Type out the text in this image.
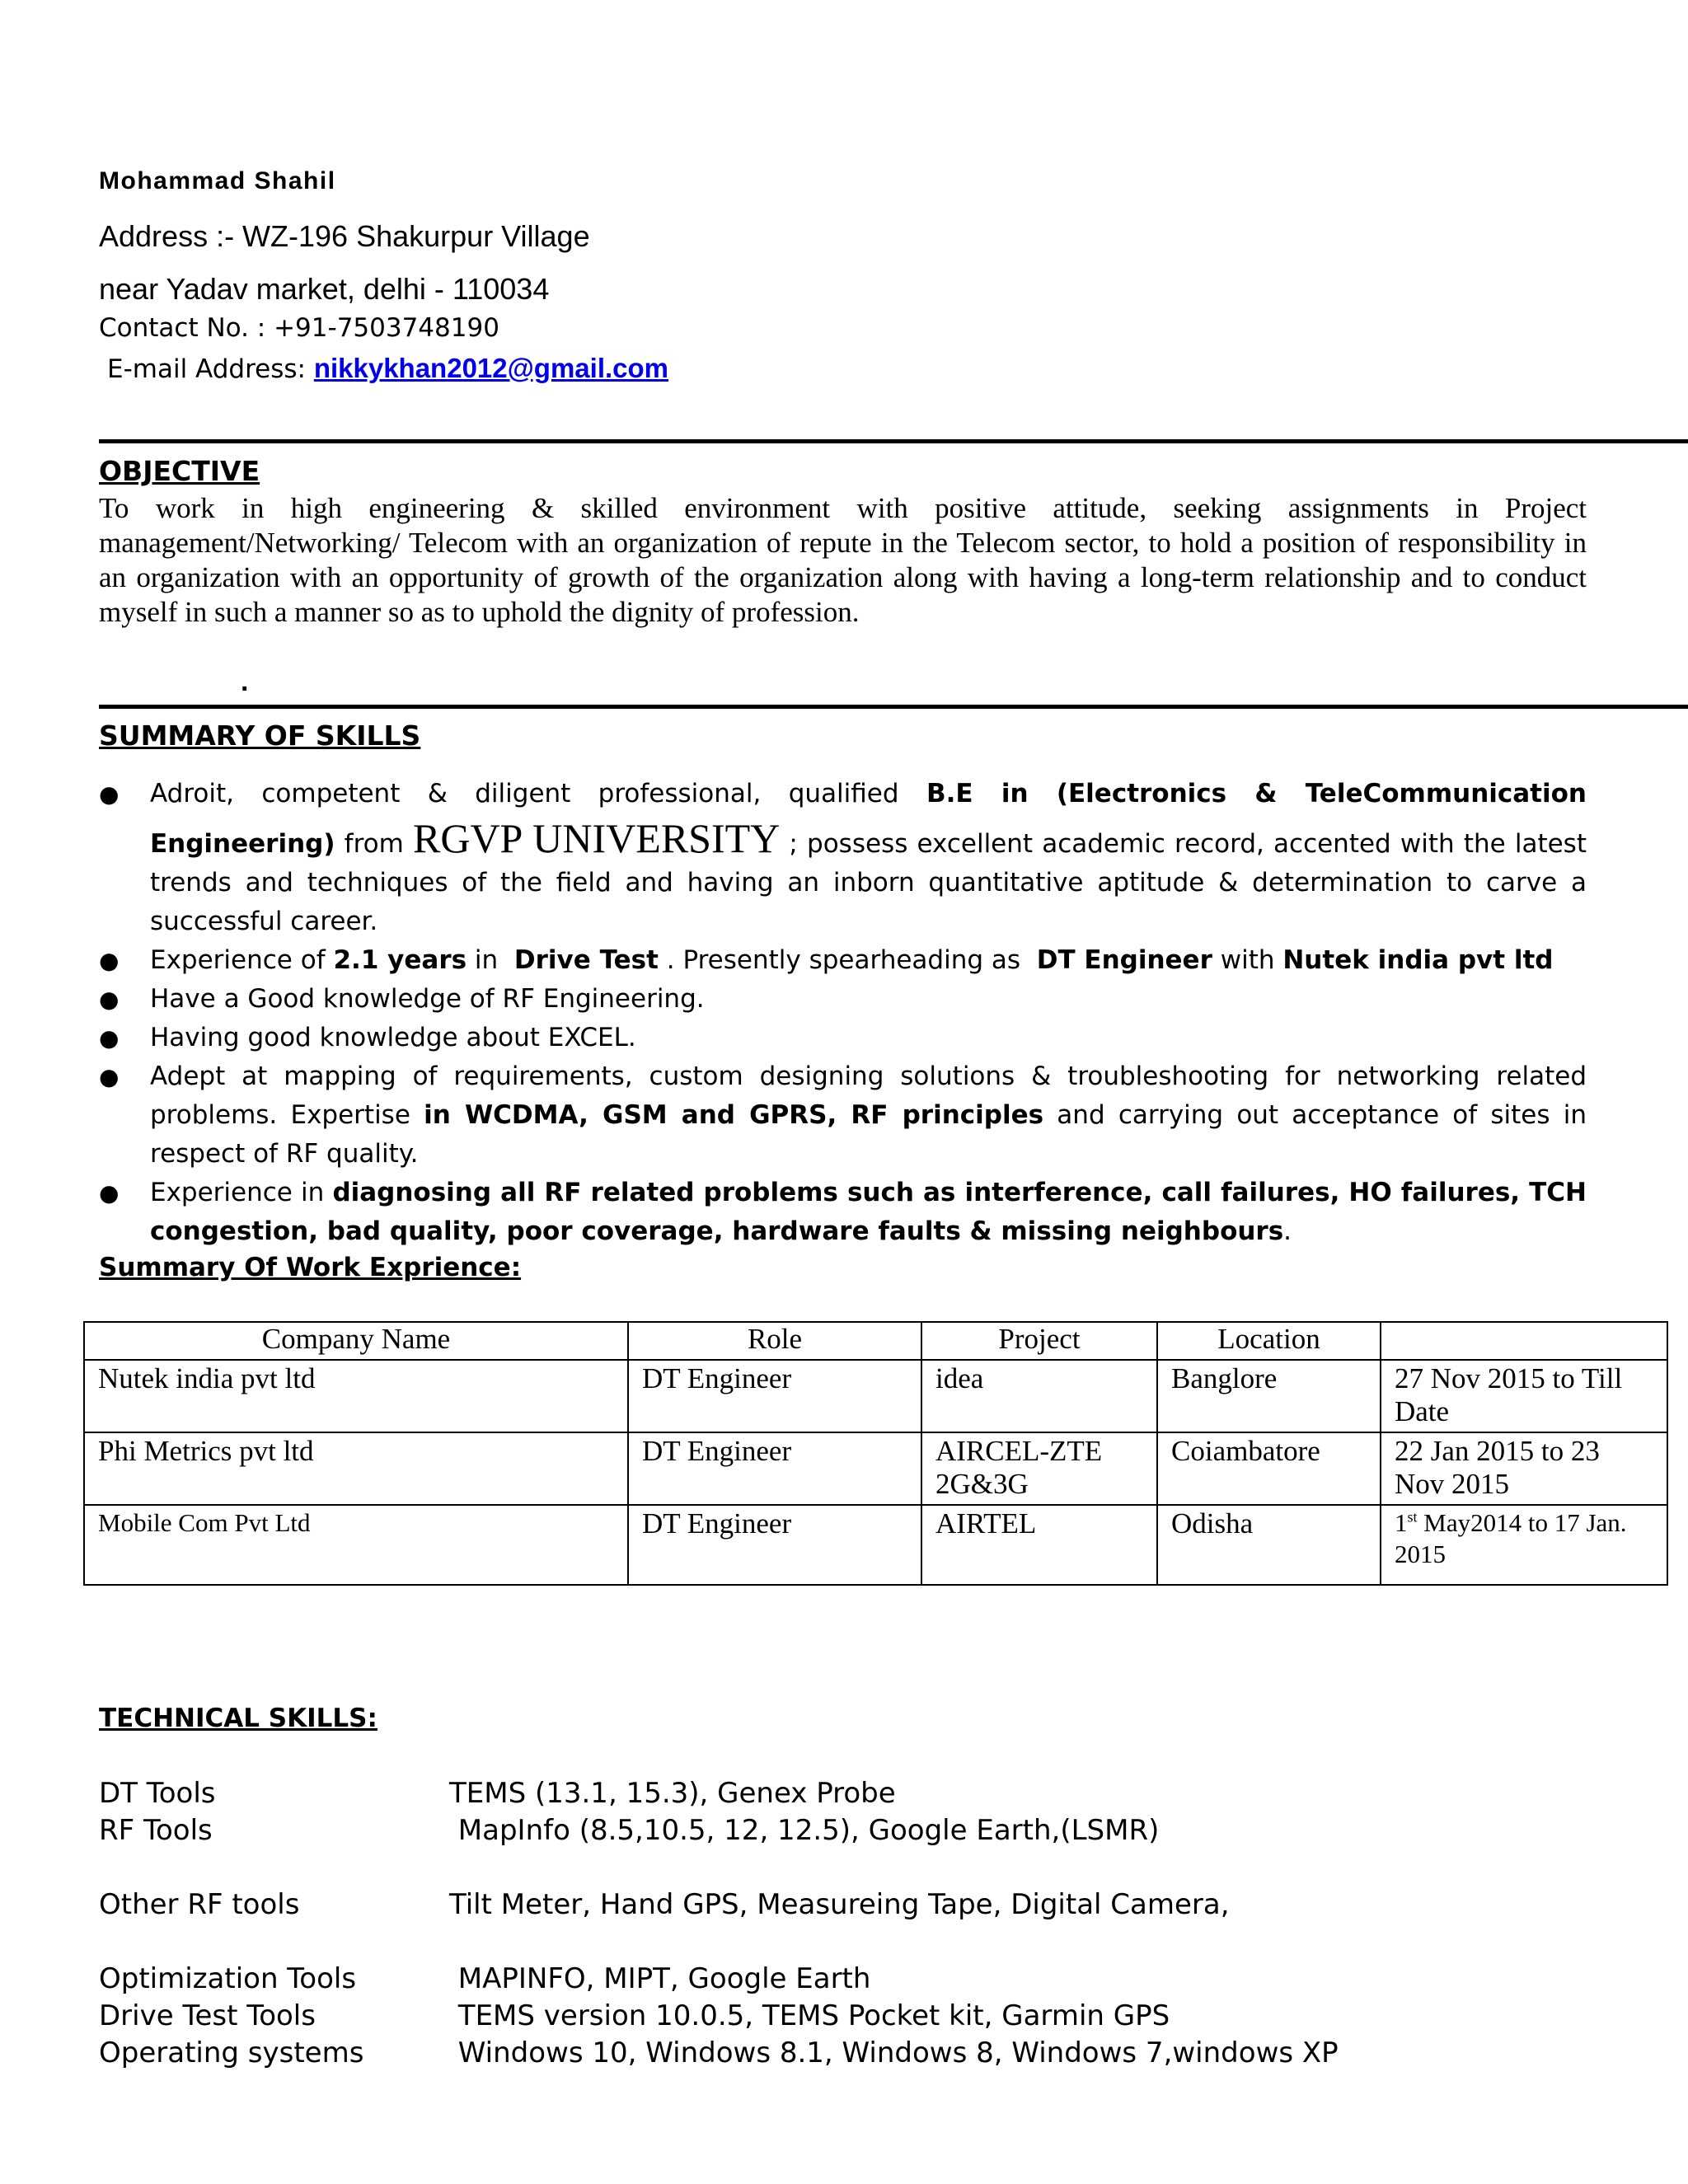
Mohammad Shahil
Address :- WZ-196 Shakurpur Village
near Yadav market, delhi - 110034
Contact No. : +91-7503748190
E-mail Address: nikkykhan2012@gmail.com
OBJECTIVE
To work in high engineering & skilled environment with positive attitude, seeking assignments in Project management/Networking/ Telecom with an organization of repute in the Telecom sector, to hold a position of responsibility in an organization with an opportunity of growth of the organization along with having a long-term relationship and to conduct myself in such a manner so as to uphold the dignity of profession.
.
SUMMARY OF SKILLS

● Adroit, competent & diligent professional, qualified B.E in (Electronics & TeleCommunication Engineering) from RGVP UNIVERSITY ; possess excellent academic record, accented with the latest trends and techniques of the field and having an inborn quantitative aptitude & determination to carve a successful career.

● Experience of 2.1 years in  Drive Test . Presently spearheading as  DT Engineer with Nutek india pvt ltd

● Have a Good knowledge of RF Engineering.

● Having good knowledge about EXCEL.

● Adept at mapping of requirements, custom designing solutions & troubleshooting for networking related problems. Expertise in WCDMA, GSM and GPRS, RF principles and carrying out acceptance of sites in respect of RF quality.

● Experience in diagnosing all RF related problems such as interference, call failures, HO failures, TCH congestion, bad quality, poor coverage, hardware faults & missing neighbours.

Summary Of Work Exprience:
Company Name	Role	Project	Location	
Nutek india pvt ltd	DT Engineer	idea	Banglore	27 Nov 2015 to Till Date
Phi Metrics pvt ltd	DT Engineer	AIRCEL-ZTE 2G&3G	Coiambatore	22 Jan 2015 to 23 Nov 2015
Mobile Com Pvt Ltd	DT Engineer	AIRTEL	Odisha	1st May2014 to 17 Jan. 2015
TECHNICAL SKILLS:
DT Tools	TEMS (13.1, 15.3), Genex Probe
RF Tools	MapInfo (8.5,10.5, 12, 12.5), Google Earth,(LSMR)
Other RF tools	Tilt Meter, Hand GPS, Measureing Tape, Digital Camera,
Optimization Tools	MAPINFO, MIPT, Google Earth
Drive Test Tools	TEMS version 10.0.5, TEMS Pocket kit, Garmin GPS
Operating systems	Windows 10, Windows 8.1, Windows 8, Windows 7,windows XP
